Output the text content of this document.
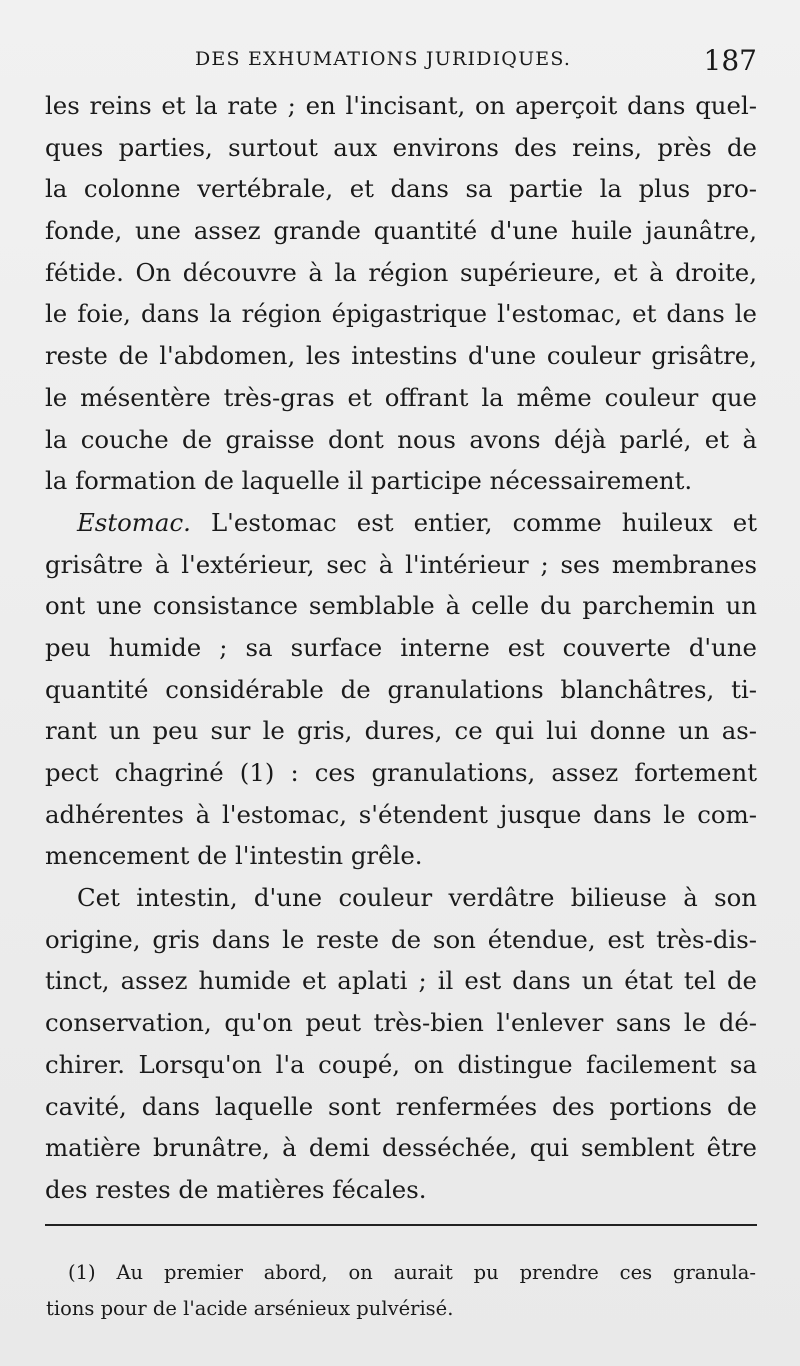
DES EXHUMATIONS JURIDIQUES.	187
les reins et la rate ; en l'incisant, on aperçoit dans quel-
ques parties, surtout aux environs des reins, près de
la colonne vertébrale, et dans sa partie la plus pro-
fonde, une assez grande quantité d'une huile jaunâtre,
fétide. On découvre à la région supérieure, et à droite,
le foie, dans la région épigastrique l'estomac, et dans le
reste de l'abdomen, les intestins d'une couleur grisâtre,
le mésentère très-gras et offrant la même couleur que
la couche de graisse dont nous avons déjà parlé, et à
la formation de laquelle il participe nécessairement.
Estomac. L'estomac est entier, comme huileux et
grisâtre à l'extérieur, sec à l'intérieur ; ses membranes
ont une consistance semblable à celle du parchemin un
peu humide ; sa surface interne est couverte d'une
quantité considérable de granulations blanchâtres, ti-
rant un peu sur le gris, dures, ce qui lui donne un as-
pect chagriné (1) : ces granulations, assez fortement
adhérentes à l'estomac, s'étendent jusque dans le com-
mencement de l'intestin grêle.
Cet intestin, d'une couleur verdâtre bilieuse à son
origine, gris dans le reste de son étendue, est très-dis-
tinct, assez humide et aplati ; il est dans un état tel de
conservation, qu'on peut très-bien l'enlever sans le dé-
chirer. Lorsqu'on l'a coupé, on distingue facilement sa
cavité, dans laquelle sont renfermées des portions de
matière brunâtre, à demi desséchée, qui semblent être
des restes de matières fécales.
(1) Au premier abord, on aurait pu prendre ces granula-
tions pour de l'acide arsénieux pulvérisé.
